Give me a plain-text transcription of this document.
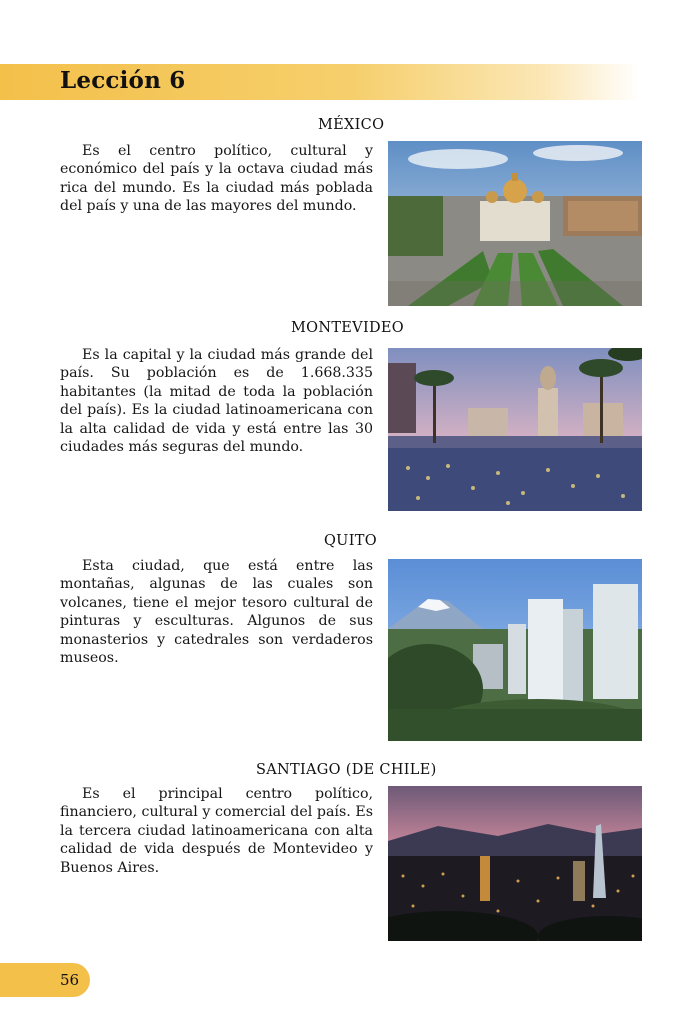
Lección 6
MÉXICO

Es el centro político, cultural y económico del país y la octava ciudad más rica del mundo. Es la ciudad más poblada del país y una de las mayores del mundo.

MONTEVIDEO

Es la capital y la ciudad más grande del país. Su población es de 1.668.335 habitantes (la mitad de toda la población del país). Es la ciudad latinoamericana con la alta calidad de vida y está entre las 30 ciudades más seguras del mundo.

QUITO

Esta ciudad, que está entre las montañas, algunas de las cuales son volcanes, tiene el mejor tesoro cultural de pinturas y esculturas. Algunos de sus monasterios y catedrales son verdaderos museos.

SANTIAGO (DE CHILE)

Es el principal centro político, financiero, cultural y comercial del país. Es la tercera ciudad latinoamericana con alta calidad de vida después de Montevideo y Buenos Aires.

56
